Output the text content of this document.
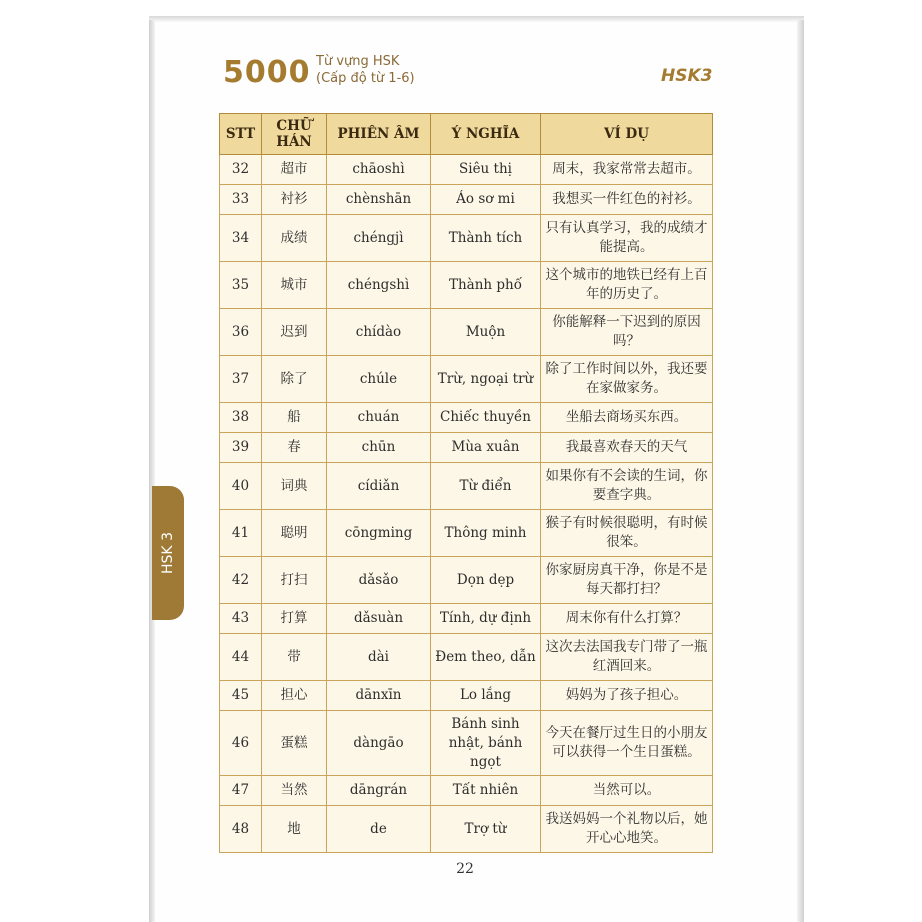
5000 Từ vựng HSK
(Cấp độ từ 1-6)	HSK3
HSK 3
STT	CHỮ HÁN	PHIÊN ÂM	Ý NGHĨA	VÍ DỤ
32	超市	chāoshì	Siêu thị	周末，我家常常去超市。
33	衬衫	chènshān	Áo sơ mi	我想买一件红色的衬衫。
34	成绩	chéngjì	Thành tích	只有认真学习，我的成绩才能提高。
35	城市	chéngshì	Thành phố	这个城市的地铁已经有上百年的历史了。
36	迟到	chídào	Muộn	你能解释一下迟到的原因吗？
37	除了	chúle	Trừ, ngoại trừ	除了工作时间以外，我还要在家做家务。
38	船	chuán	Chiếc thuyền	坐船去商场买东西。
39	春	chūn	Mùa xuân	我最喜欢春天的天气
40	词典	cídiǎn	Từ điển	如果你有不会读的生词，你要查字典。
41	聪明	cōngming	Thông minh	猴子有时候很聪明，有时候很笨。
42	打扫	dǎsǎo	Dọn dẹp	你家厨房真干净，你是不是每天都打扫？
43	打算	dǎsuàn	Tính, dự định	周末你有什么打算？
44	带	dài	Đem theo, dẫn	这次去法国我专门带了一瓶红酒回来。
45	担心	dānxīn	Lo lắng	妈妈为了孩子担心。
46	蛋糕	dàngāo	Bánh sinh nhật, bánh ngọt	今天在餐厅过生日的小朋友可以获得一个生日蛋糕。
47	当然	dāngrán	Tất nhiên	当然可以。
48	地	de	Trợ từ	我送妈妈一个礼物以后，她开心心地笑。
22
